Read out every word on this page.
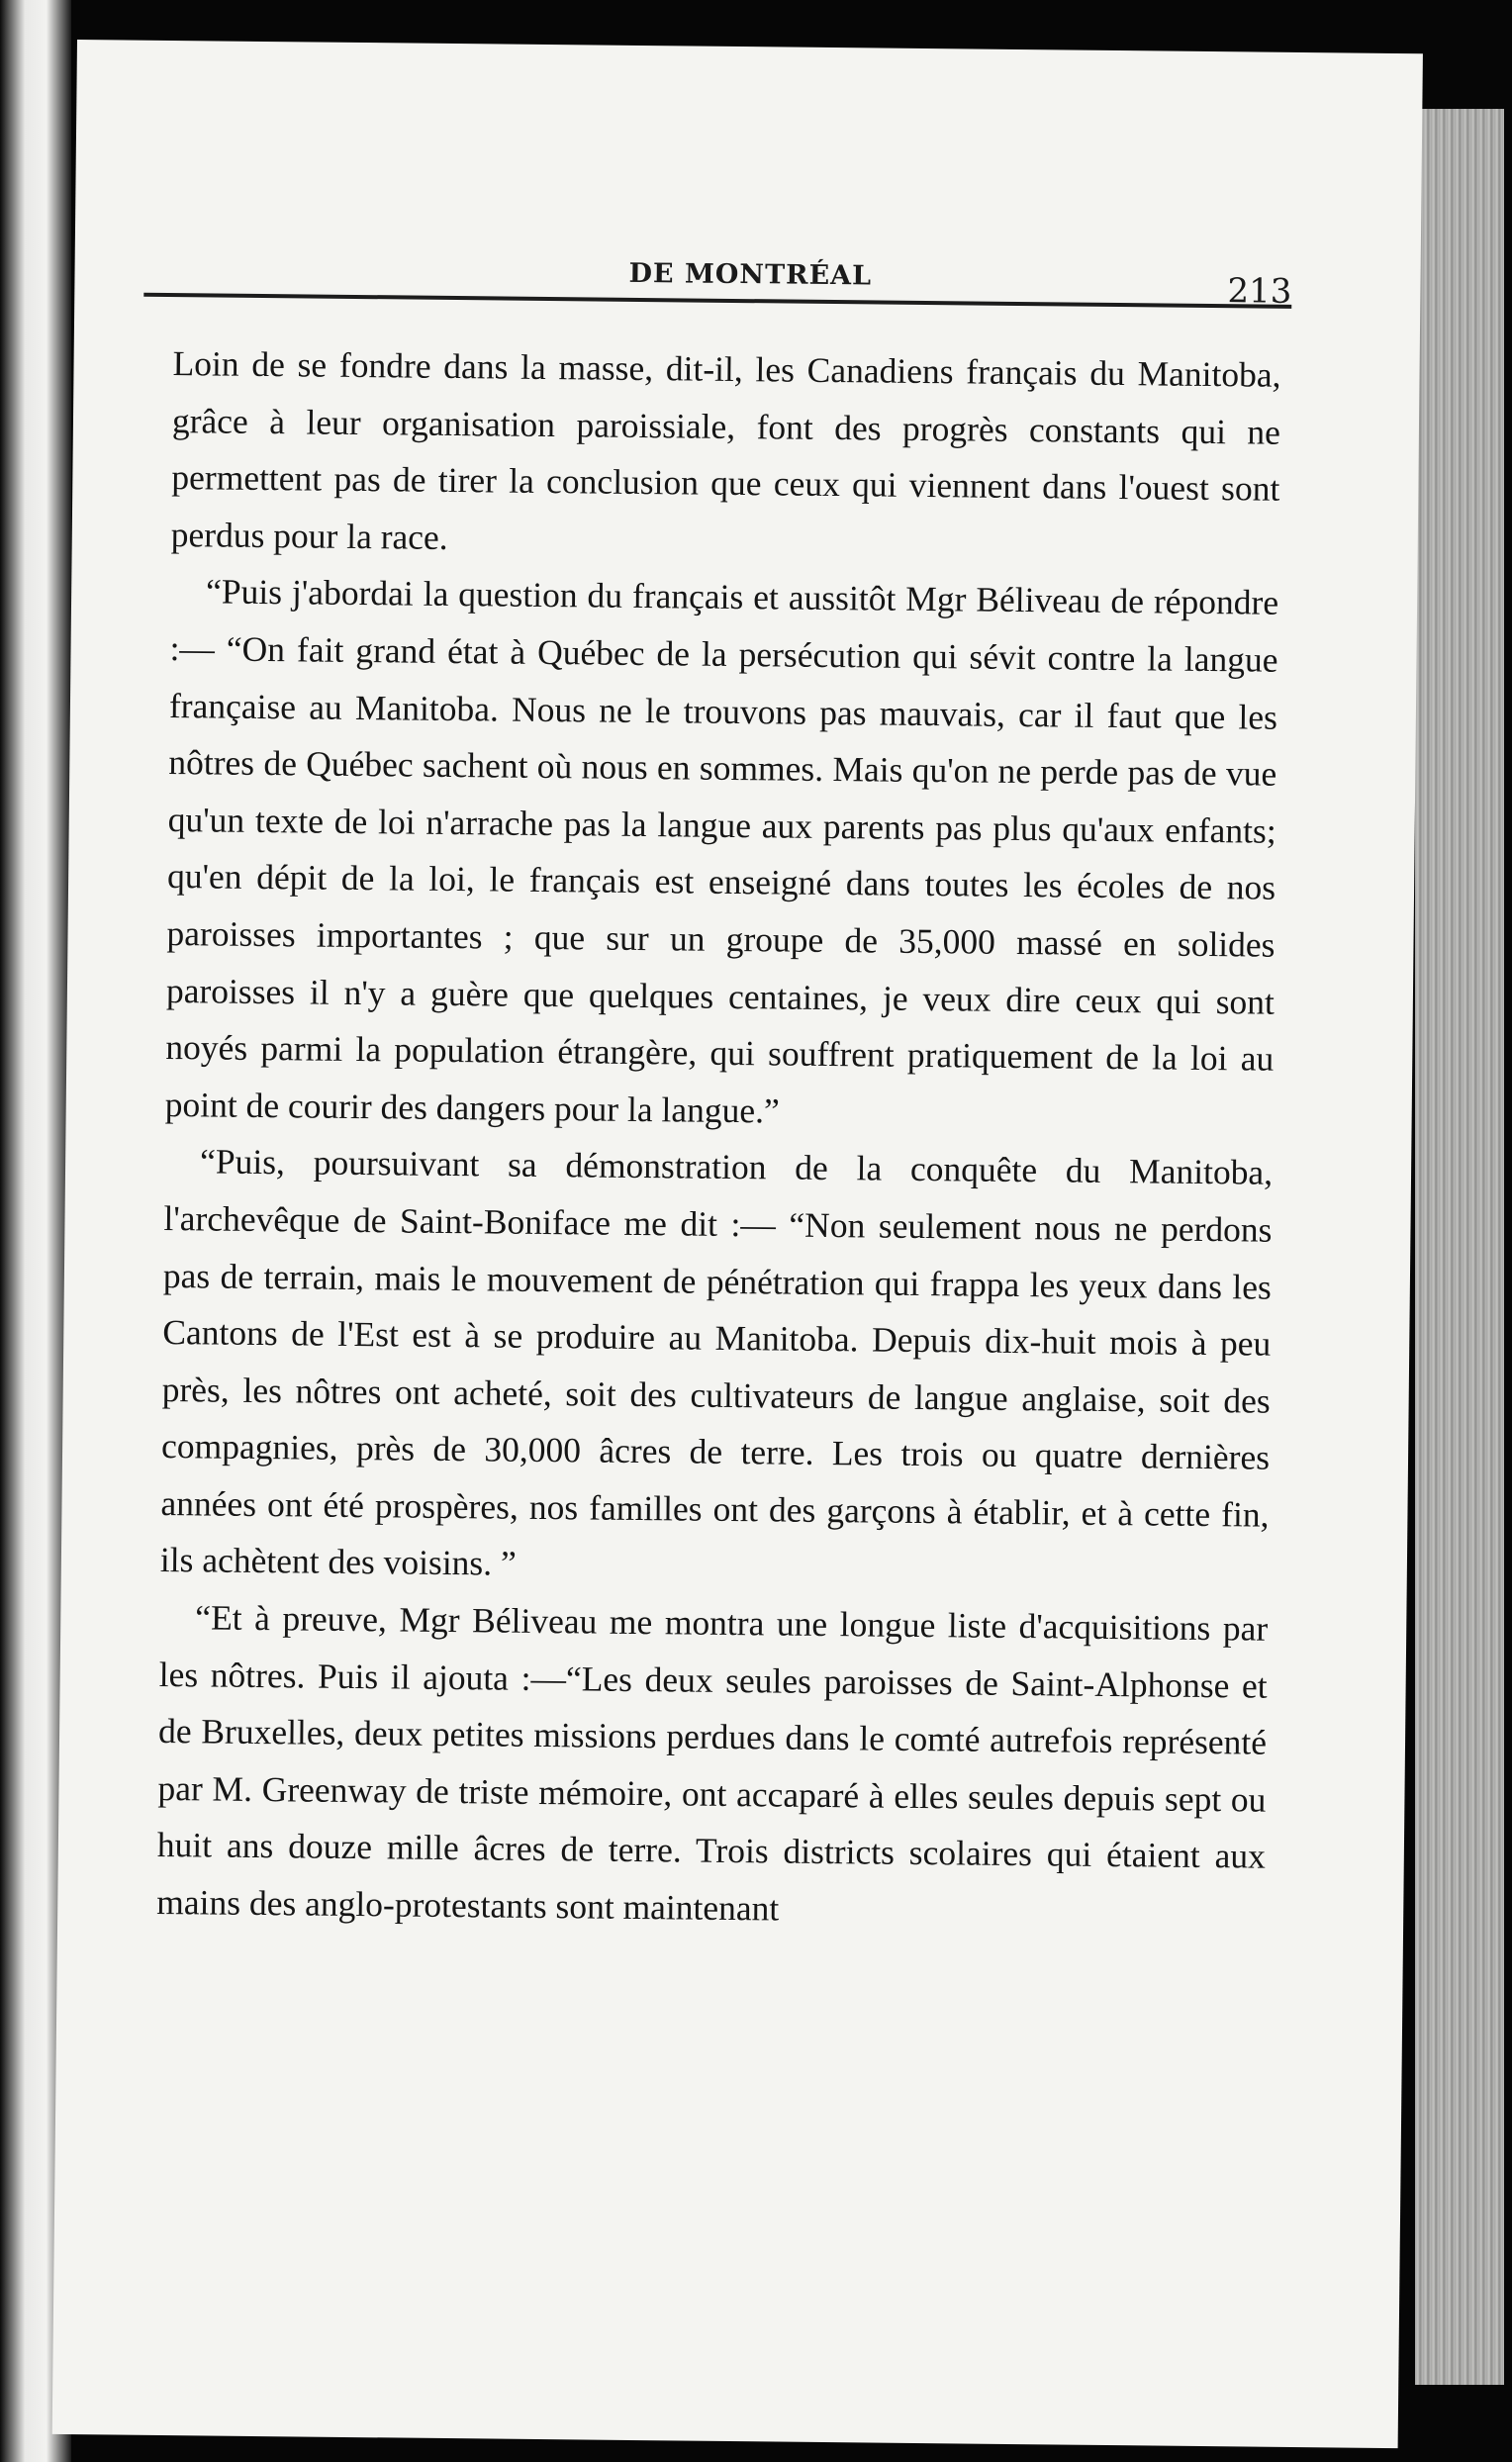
DE MONTRÉAL	213

Loin de se fondre dans la masse, dit-il, les Canadiens français du Manitoba, grâce à leur organisation paroissiale, font des progrès constants qui ne permettent pas de tirer la conclusion que ceux qui viennent dans l'ouest sont perdus pour la race.

“Puis j'abordai la question du français et aussitôt Mgr Béliveau de répondre :— “On fait grand état à Québec de la persécution qui sévit contre la langue française au Manitoba. Nous ne le trouvons pas mauvais, car il faut que les nôtres de Québec sachent où nous en sommes. Mais qu'on ne perde pas de vue qu'un texte de loi n'arrache pas la langue aux parents pas plus qu'aux enfants; qu'en dépit de la loi, le français est enseigné dans toutes les écoles de nos paroisses importantes ; que sur un groupe de 35,000 massé en solides paroisses il n'y a guère que quelques centaines, je veux dire ceux qui sont noyés parmi la population étrangère, qui souffrent pratiquement de la loi au point de courir des dangers pour la langue.”

“Puis, poursuivant sa démonstration de la conquête du Manitoba, l'archevêque de Saint-Boniface me dit :— “Non seulement nous ne perdons pas de terrain, mais le mouvement de pénétration qui frappa les yeux dans les Cantons de l'Est est à se produire au Manitoba. Depuis dix-huit mois à peu près, les nôtres ont acheté, soit des cultivateurs de langue anglaise, soit des compagnies, près de 30,000 âcres de terre. Les trois ou quatre dernières années ont été prospères, nos familles ont des garçons à établir, et à cette fin, ils achètent des voisins. ”

“Et à preuve, Mgr Béliveau me montra une longue liste d'acquisitions par les nôtres. Puis il ajouta :—“Les deux seules paroisses de Saint-Alphonse et de Bruxelles, deux petites missions perdues dans le comté autrefois représenté par M. Greenway de triste mémoire, ont accaparé à elles seules depuis sept ou huit ans douze mille âcres de terre. Trois districts scolaires qui étaient aux mains des anglo-protestants sont maintenant
